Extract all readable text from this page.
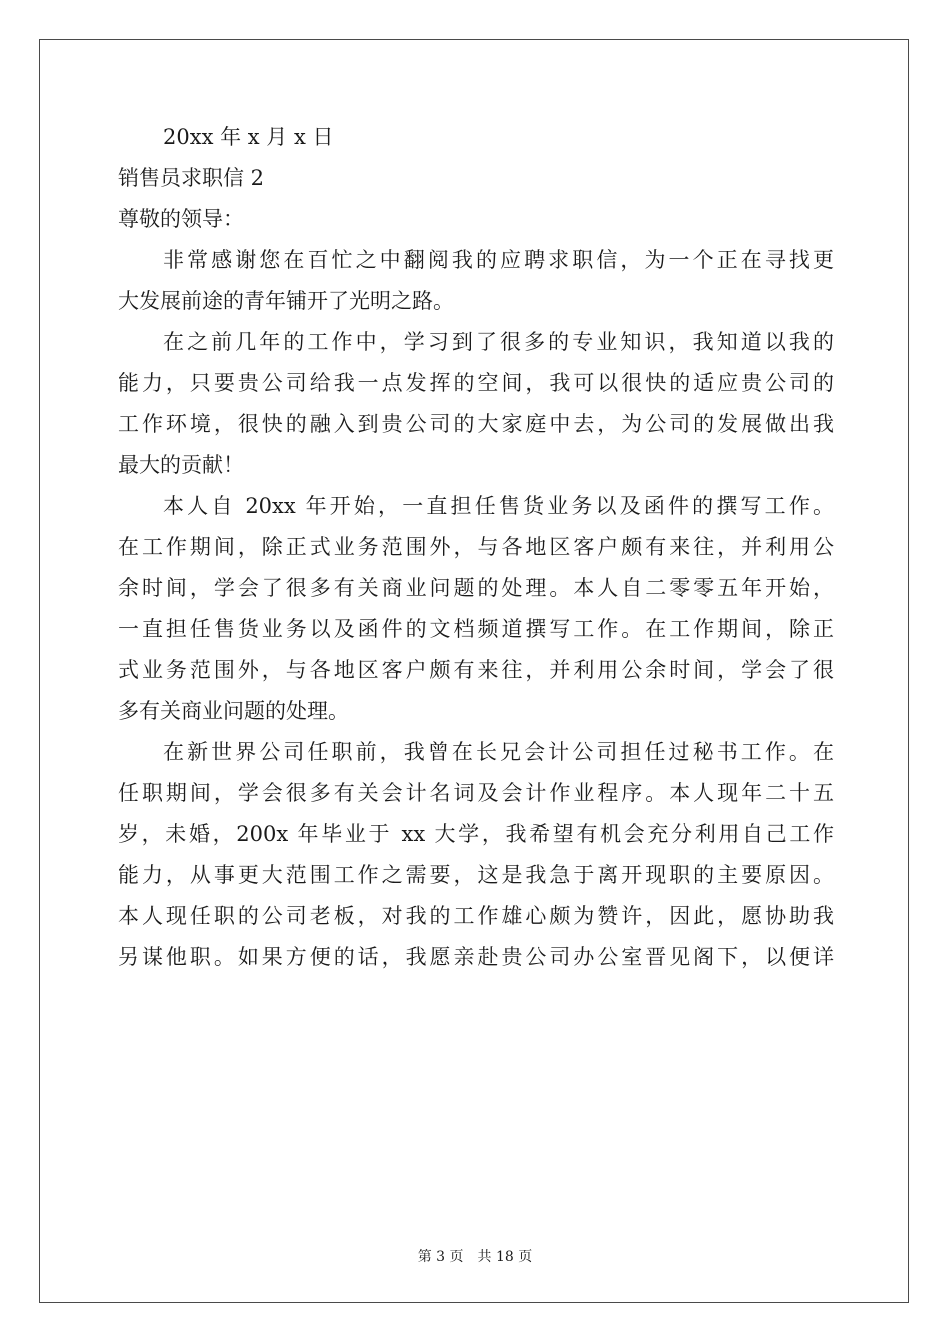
20xx 年 x 月 x 日
销售员求职信 2
尊敬的领导：
非常感谢您在百忙之中翻阅我的应聘求职信，为一个正在寻找更
大发展前途的青年铺开了光明之路。
在之前几年的工作中，学习到了很多的专业知识，我知道以我的
能力，只要贵公司给我一点发挥的空间，我可以很快的适应贵公司的
工作环境，很快的融入到贵公司的大家庭中去，为公司的发展做出我
最大的贡献！
本人自 20xx 年开始，一直担任售货业务以及函件的撰写工作。
在工作期间，除正式业务范围外，与各地区客户颇有来往，并利用公
余时间，学会了很多有关商业问题的处理。本人自二零零五年开始，
一直担任售货业务以及函件的文档频道撰写工作。在工作期间，除正
式业务范围外，与各地区客户颇有来往，并利用公余时间，学会了很
多有关商业问题的处理。
在新世界公司任职前，我曾在长兄会计公司担任过秘书工作。在
任职期间，学会很多有关会计名词及会计作业程序。本人现年二十五
岁，未婚，200x 年毕业于 xx 大学，我希望有机会充分利用自己工作
能力，从事更大范围工作之需要，这是我急于离开现职的主要原因。
本人现任职的公司老板，对我的工作雄心颇为赞许，因此，愿协助我
另谋他职。如果方便的话，我愿亲赴贵公司办公室晋见阁下，以便详
第 3 页 共 18 页
